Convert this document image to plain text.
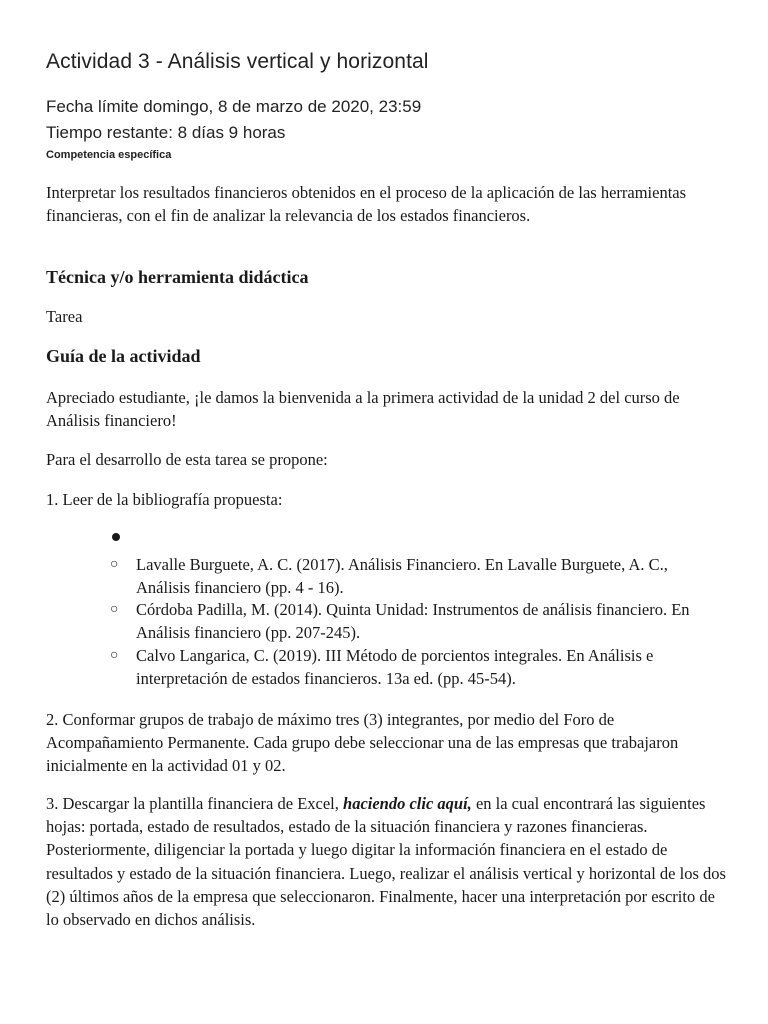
Actividad 3 - Análisis vertical y horizontal
Fecha límite domingo, 8 de marzo de 2020, 23:59
Tiempo restante: 8 días 9 horas
Competencia específica

Interpretar los resultados financieros obtenidos en el proceso de la aplicación de las herramientas financieras, con el fin de analizar la relevancia de los estados financieros.

Técnica y/o herramienta didáctica
Tarea
Guía de la actividad

Apreciado estudiante, ¡le damos la bienvenida a la primera actividad de la unidad 2 del curso de Análisis financiero!

Para el desarrollo de esta tarea se propone:
1. Leer de la bibliografía propuesta:
○ Lavalle Burguete, A. C. (2017). Análisis Financiero. En Lavalle Burguete, A. C., Análisis financiero (pp. 4 - 16).
○ Córdoba Padilla, M. (2014). Quinta Unidad: Instrumentos de análisis financiero. En Análisis financiero (pp. 207-245).
○ Calvo Langarica, C. (2019). III Método de porcientos integrales. En Análisis e interpretación de estados financieros. 13a ed. (pp. 45-54).

2. Conformar grupos de trabajo de máximo tres (3) integrantes, por medio del Foro de Acompañamiento Permanente. Cada grupo debe seleccionar una de las empresas que trabajaron inicialmente en la actividad 01 y 02.

3. Descargar la plantilla financiera de Excel, haciendo clic aquí, en la cual encontrará las siguientes hojas: portada, estado de resultados, estado de la situación financiera y razones financieras. Posteriormente, diligenciar la portada y luego digitar la información financiera en el estado de resultados y estado de la situación financiera. Luego, realizar el análisis vertical y horizontal de los dos (2) últimos años de la empresa que seleccionaron. Finalmente, hacer una interpretación por escrito de lo observado en dichos análisis.
